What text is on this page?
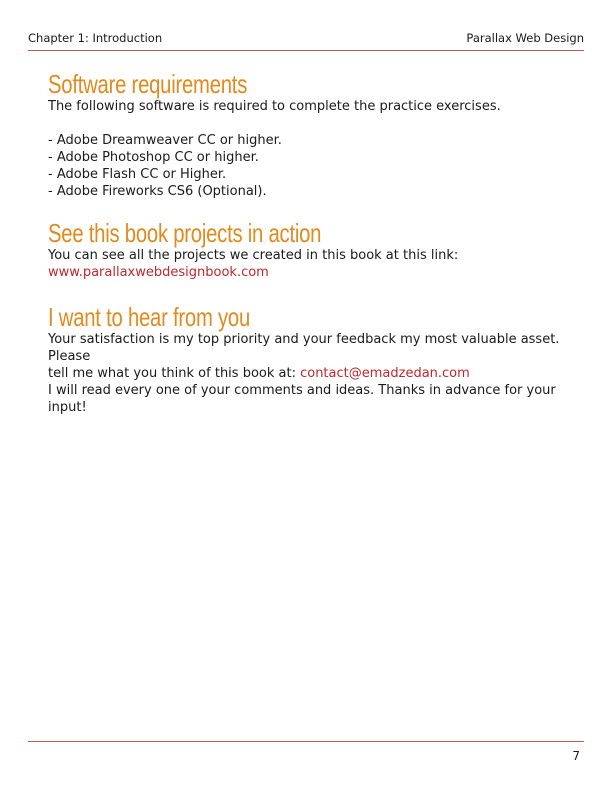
Chapter 1: Introduction	Parallax Web Design
Software requirements

The following software is required to complete the practice exercises.

- Adobe Dreamweaver CC or higher.

- Adobe Photoshop CC or higher.

- Adobe Flash CC or Higher.

- Adobe Fireworks CS6 (Optional).

See this book projects in action

You can see all the projects we created in this book at this link:

www.parallaxwebdesignbook.com

I want to hear from you

Your satisfaction is my top priority and your feedback my most valuable asset. Please

tell me what you think of this book at: contact@emadzedan.com

I will read every one of your comments and ideas. Thanks in advance for your input!

7
